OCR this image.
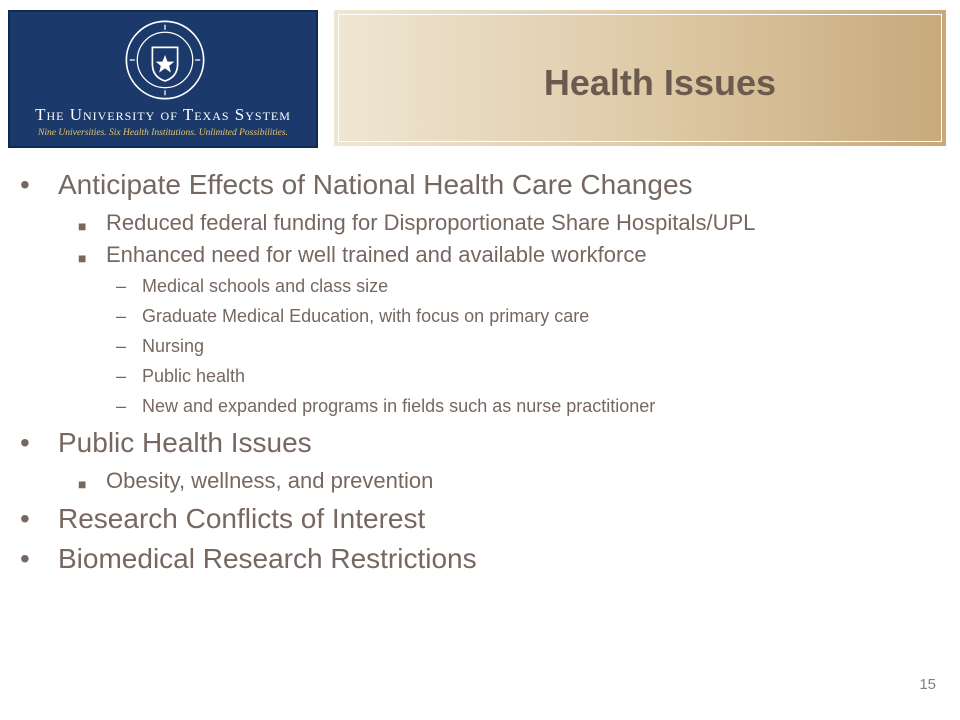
The University of Texas System
Nine Universities. Six Health Institutions. Unlimited Possibilities.
Health Issues
• Anticipate Effects of National Health Care Changes
■ Reduced federal funding for Disproportionate Share Hospitals/UPL
■ Enhanced need for well trained and available workforce
– Medical schools and class size
– Graduate Medical Education, with focus on primary care
– Nursing
– Public health
– New and expanded programs in fields such as nurse practitioner
• Public Health Issues
■ Obesity, wellness, and prevention
• Research Conflicts of Interest
• Biomedical Research Restrictions
15
